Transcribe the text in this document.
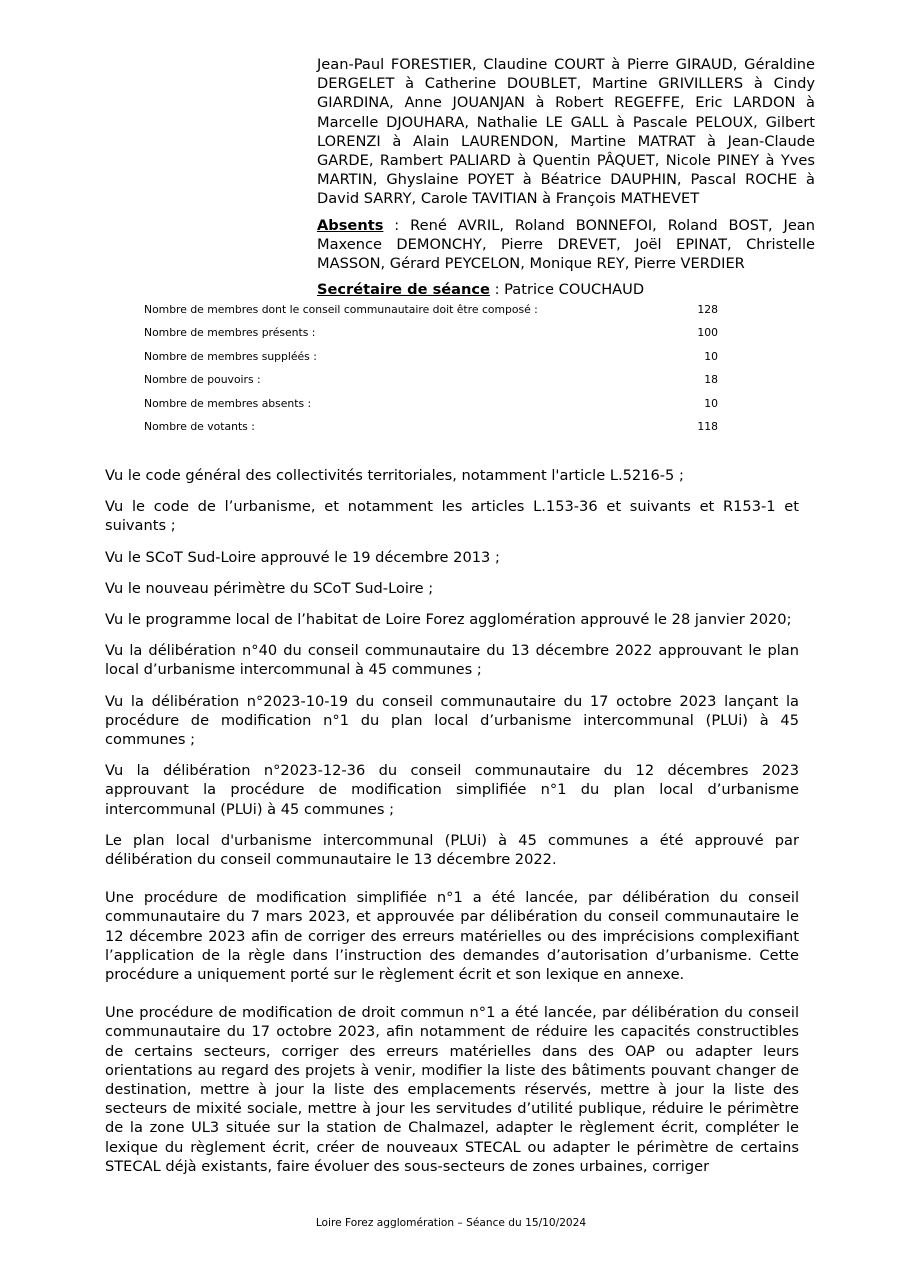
Jean-Paul FORESTIER, Claudine COURT à Pierre GIRAUD, Géraldine DERGELET à Catherine DOUBLET, Martine GRIVILLERS à Cindy GIARDINA, Anne JOUANJAN à Robert REGEFFE, Eric LARDON à Marcelle DJOUHARA, Nathalie LE GALL à Pascale PELOUX, Gilbert LORENZI à Alain LAURENDON, Martine MATRAT à Jean-Claude GARDE, Rambert PALIARD à Quentin PÂQUET, Nicole PINEY à Yves MARTIN, Ghyslaine POYET à Béatrice DAUPHIN, Pascal ROCHE à David SARRY, Carole TAVITIAN à François MATHEVET

Absents : René AVRIL, Roland BONNEFOI, Roland BOST, Jean Maxence DEMONCHY, Pierre DREVET, Joël EPINAT, Christelle MASSON, Gérard PEYCELON, Monique REY, Pierre VERDIER

Secrétaire de séance : Patrice COUCHAUD

Nombre de membres dont le conseil communautaire doit être composé :	128
Nombre de membres présents :	100
Nombre de membres suppléés :	10
Nombre de pouvoirs :	18
Nombre de membres absents :	10
Nombre de votants :	118

Vu le code général des collectivités territoriales, notamment l'article L.5216-5 ;

Vu le code de l’urbanisme, et notamment les articles L.153-36 et suivants et R153-1 et suivants ;

Vu le SCoT Sud-Loire approuvé le 19 décembre 2013 ;

Vu le nouveau périmètre du SCoT Sud-Loire ;

Vu le programme local de l’habitat de Loire Forez agglomération approuvé le 28 janvier 2020;

Vu la délibération n°40 du conseil communautaire du 13 décembre 2022 approuvant le plan local d’urbanisme intercommunal à 45 communes ;

Vu la délibération n°2023-10-19 du conseil communautaire du 17 octobre 2023 lançant la procédure de modification n°1 du plan local d’urbanisme intercommunal (PLUi) à 45 communes ;

Vu la délibération n°2023-12-36 du conseil communautaire du 12 décembres 2023 approuvant la procédure de modification simplifiée n°1 du plan local d’urbanisme intercommunal (PLUi) à 45 communes ;

Le plan local d'urbanisme intercommunal (PLUi) à 45 communes a été approuvé par délibération du conseil communautaire le 13 décembre 2022.

Une procédure de modification simplifiée n°1 a été lancée, par délibération du conseil communautaire du 7 mars 2023, et approuvée par délibération du conseil communautaire le 12 décembre 2023 afin de corriger des erreurs matérielles ou des imprécisions complexifiant l’application de la règle dans l’instruction des demandes d’autorisation d’urbanisme. Cette procédure a uniquement porté sur le règlement écrit et son lexique en annexe.

Une procédure de modification de droit commun n°1 a été lancée, par délibération du conseil communautaire du 17 octobre 2023, afin notamment de réduire les capacités constructibles de certains secteurs, corriger des erreurs matérielles dans des OAP ou adapter leurs orientations au regard des projets à venir, modifier la liste des bâtiments pouvant changer de destination, mettre à jour la liste des emplacements réservés, mettre à jour la liste des secteurs de mixité sociale, mettre à jour les servitudes d’utilité publique, réduire le périmètre de la zone UL3 située sur la station de Chalmazel, adapter le règlement écrit, compléter le lexique du règlement écrit, créer de nouveaux STECAL ou adapter le périmètre de certains STECAL déjà existants, faire évoluer des sous-secteurs de zones urbaines, corriger

Loire Forez agglomération – Séance du 15/10/2024
